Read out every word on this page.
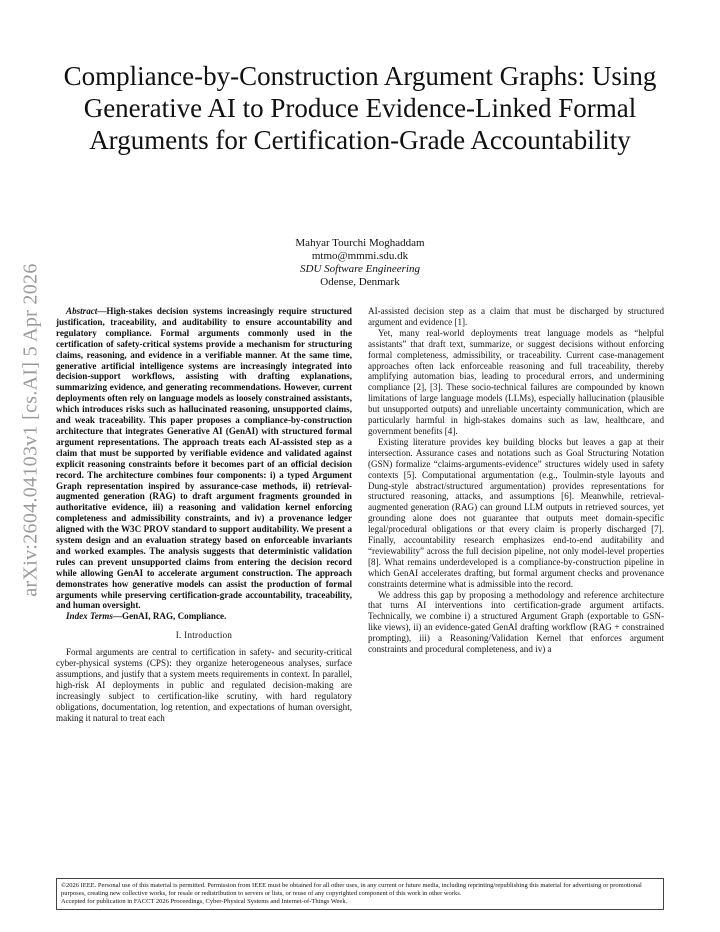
Compliance-by-Construction Argument Graphs: Using Generative AI to Produce Evidence-Linked Formal Arguments for Certification-Grade Accountability
Mahyar Tourchi Moghaddam
mtmo@mmmi.sdu.dk
SDU Software Engineering
Odense, Denmark
arXiv:2604.04103v1 [cs.AI] 5 Apr 2026	Abstract—High-stakes decision systems increasingly require structured justification, traceability, and auditability to ensure accountability and regulatory compliance. Formal arguments commonly used in the certification of safety-critical systems provide a mechanism for structuring claims, reasoning, and evidence in a verifiable manner. At the same time, generative artificial intelligence systems are increasingly integrated into decision-support workflows, assisting with drafting explanations, summarizing evidence, and generating recommendations. However, current deployments often rely on language models as loosely constrained assistants, which introduces risks such as hallucinated reasoning, unsupported claims, and weak traceability. This paper proposes a compliance-by-construction architecture that integrates Generative AI (GenAI) with structured formal argument representations. The approach treats each AI-assisted step as a claim that must be supported by verifiable evidence and validated against explicit reasoning constraints before it becomes part of an official decision record. The architecture combines four components: i) a typed Argument Graph representation inspired by assurance-case methods, ii) retrieval-augmented generation (RAG) to draft argument fragments grounded in authoritative evidence, iii) a reasoning and validation kernel enforcing completeness and admissibility constraints, and iv) a provenance ledger aligned with the W3C PROV standard to support auditability. We present a system design and an evaluation strategy based on enforceable invariants and worked examples. The analysis suggests that deterministic validation rules can prevent unsupported claims from entering the decision record while allowing GenAI to accelerate argument construction. The approach demonstrates how generative models can assist the production of formal arguments while preserving certification-grade accountability, traceability, and human oversight.

Index Terms—GenAI, RAG, Compliance.

I. Introduction

Formal arguments are central to certification in safety- and security-critical cyber-physical systems (CPS): they organize heterogeneous analyses, surface assumptions, and justify that a system meets requirements in context. In parallel, high-risk AI deployments in public and regulated decision-making are increasingly subject to certification-like scrutiny, with hard regulatory obligations, documentation, log retention, and expectations of human oversight, making it natural to treat each

AI-assisted decision step as a claim that must be discharged by structured argument and evidence [1].

Yet, many real-world deployments treat language models as “helpful assistants” that draft text, summarize, or suggest decisions without enforcing formal completeness, admissibility, or traceability. Current case-management approaches often lack enforceable reasoning and full traceability, thereby amplifying automation bias, leading to procedural errors, and undermining compliance [2], [3]. These socio-technical failures are compounded by known limitations of large language models (LLMs), especially hallucination (plausible but unsupported outputs) and unreliable uncertainty communication, which are particularly harmful in high-stakes domains such as law, healthcare, and government benefits [4].

Existing literature provides key building blocks but leaves a gap at their intersection. Assurance cases and notations such as Goal Structuring Notation (GSN) formalize “claims-arguments-evidence” structures widely used in safety contexts [5]. Computational argumentation (e.g., Toulmin-style layouts and Dung-style abstract/structured argumentation) provides representations for structured reasoning, attacks, and assumptions [6]. Meanwhile, retrieval-augmented generation (RAG) can ground LLM outputs in retrieved sources, yet grounding alone does not guarantee that outputs meet domain-specific legal/procedural obligations or that every claim is properly discharged [7]. Finally, accountability research emphasizes end-to-end auditability and “reviewability” across the full decision pipeline, not only model-level properties [8]. What remains underdeveloped is a compliance-by-construction pipeline in which GenAI accelerates drafting, but formal argument checks and provenance constraints determine what is admissible into the record.

We address this gap by proposing a methodology and reference architecture that turns AI interventions into certification-grade argument artifacts. Technically, we combine i) a structured Argument Graph (exportable to GSN-like views), ii) an evidence-gated GenAI drafting workflow (RAG + constrained prompting), iii) a Reasoning/Validation Kernel that enforces argument constraints and procedural completeness, and iv) a

©2026 IEEE. Personal use of this material is permitted. Permission from IEEE must be obtained for all other uses, in any current or future media, including reprinting/republishing this material for advertising or promotional purposes, creating new collective works, for resale or redistribution to servers or lists, or reuse of any copyrighted component of this work in other works.
Accepted for publication in FACCT 2026 Proceedings, Cyber-Physical Systems and Internet-of-Things Week.
